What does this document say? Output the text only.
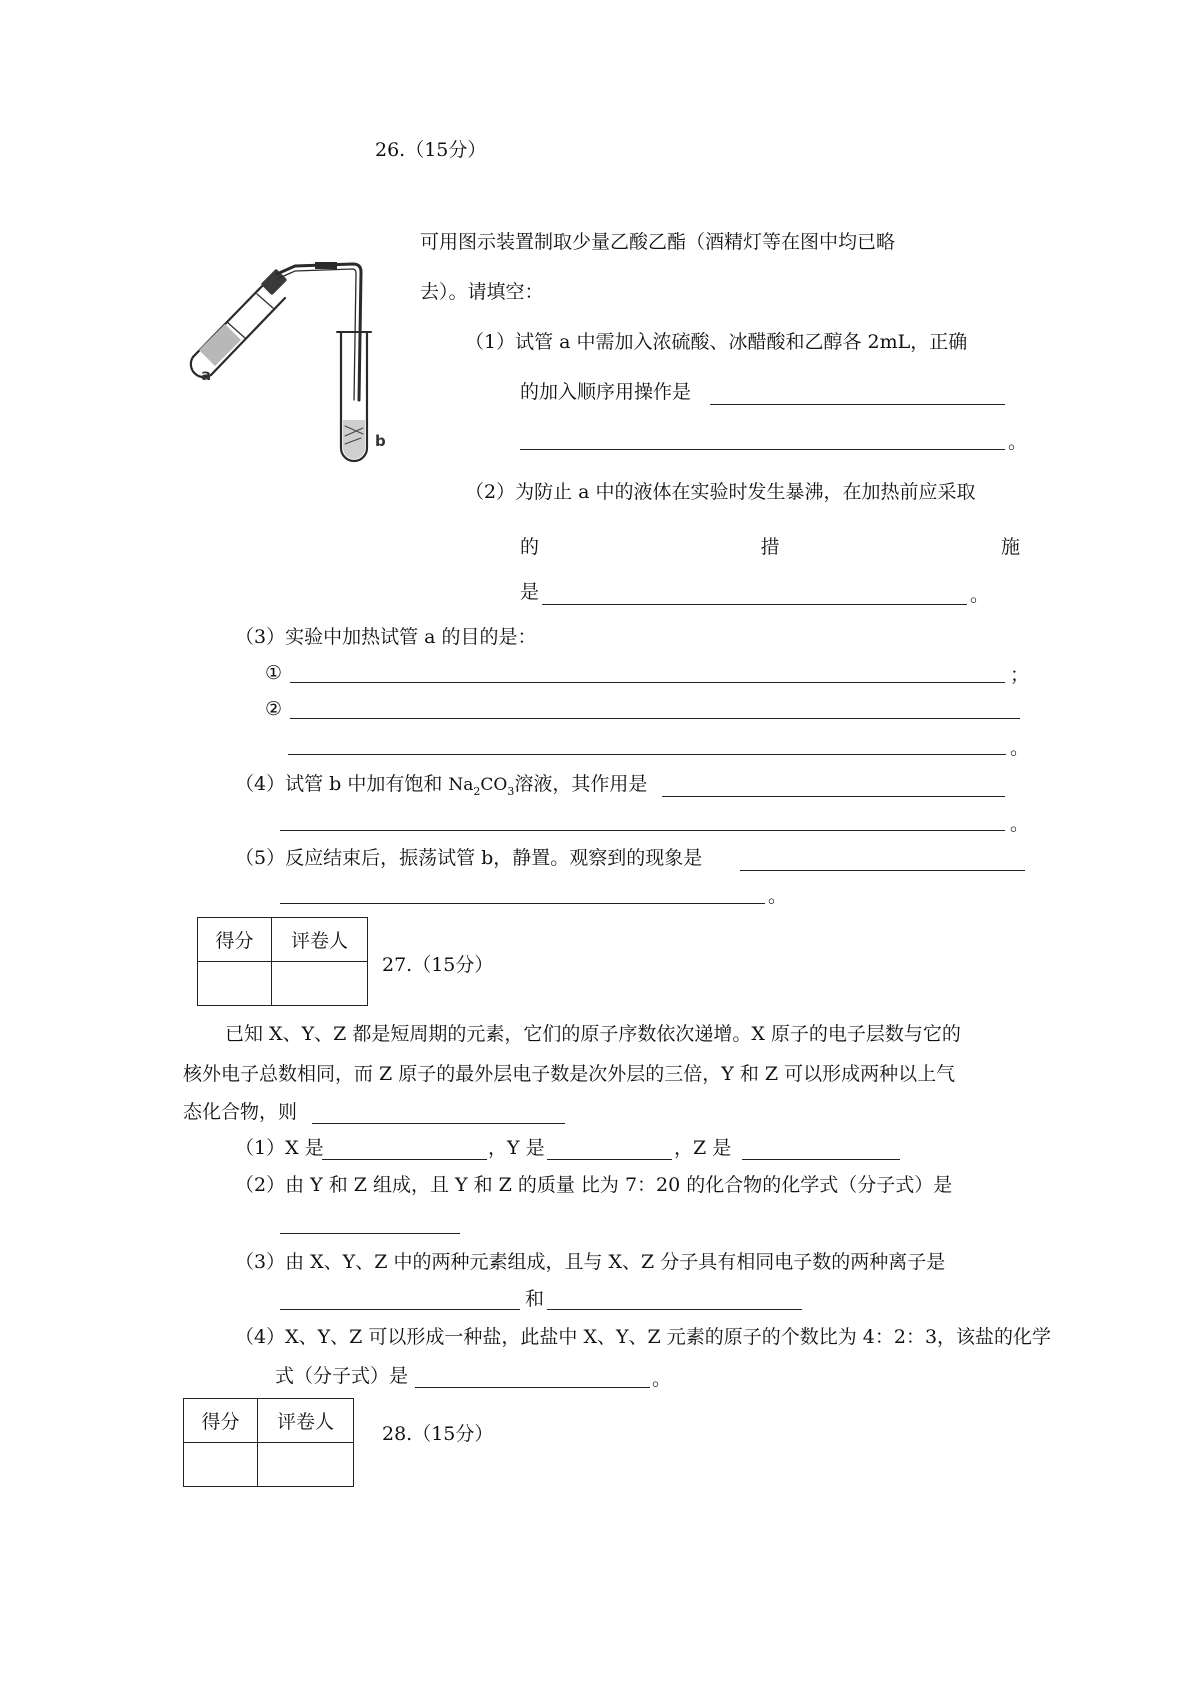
26.（15分）
a
b
可用图示装置制取少量乙酸乙酯（酒精灯等在图中均已略
去）。请填空：
（1）试管 a 中需加入浓硫酸、冰醋酸和乙醇各 2mL，正确
的加入顺序用操作是
。
（2）为防止 a 中的液体在实验时发生暴沸，在加热前应采取
的	措	施
是	。
（3）实验中加热试管 a 的目的是：
①	；
②
。
（4）试管 b 中加有饱和 $Na_2CO_3$溶液，其作用是
。
（5）反应结束后，振荡试管 b，静置。观察到的现象是
。
得分	评卷人

27.（15分）
已知 X、Y、Z 都是短周期的元素，它们的原子序数依次递增。X 原子的电子层数与它的
核外电子总数相同，而 Z 原子的最外层电子数是次外层的三倍，Y 和 Z 可以形成两种以上气
态化合物，则
（1）X 是	，Y 是	，Z 是
（2）由 Y 和 Z 组成，且 Y 和 Z 的质量 比为 7：20 的化合物的化学式（分子式）是
（3）由 X、Y、Z 中的两种元素组成，且与 X、Z 分子具有相同电子数的两种离子是
和
（4）X、Y、Z 可以形成一种盐，此盐中 X、Y、Z 元素的原子的个数比为 4：2：3，该盐的化学
式（分子式）是	。
得分	评卷人

28.（15分）
